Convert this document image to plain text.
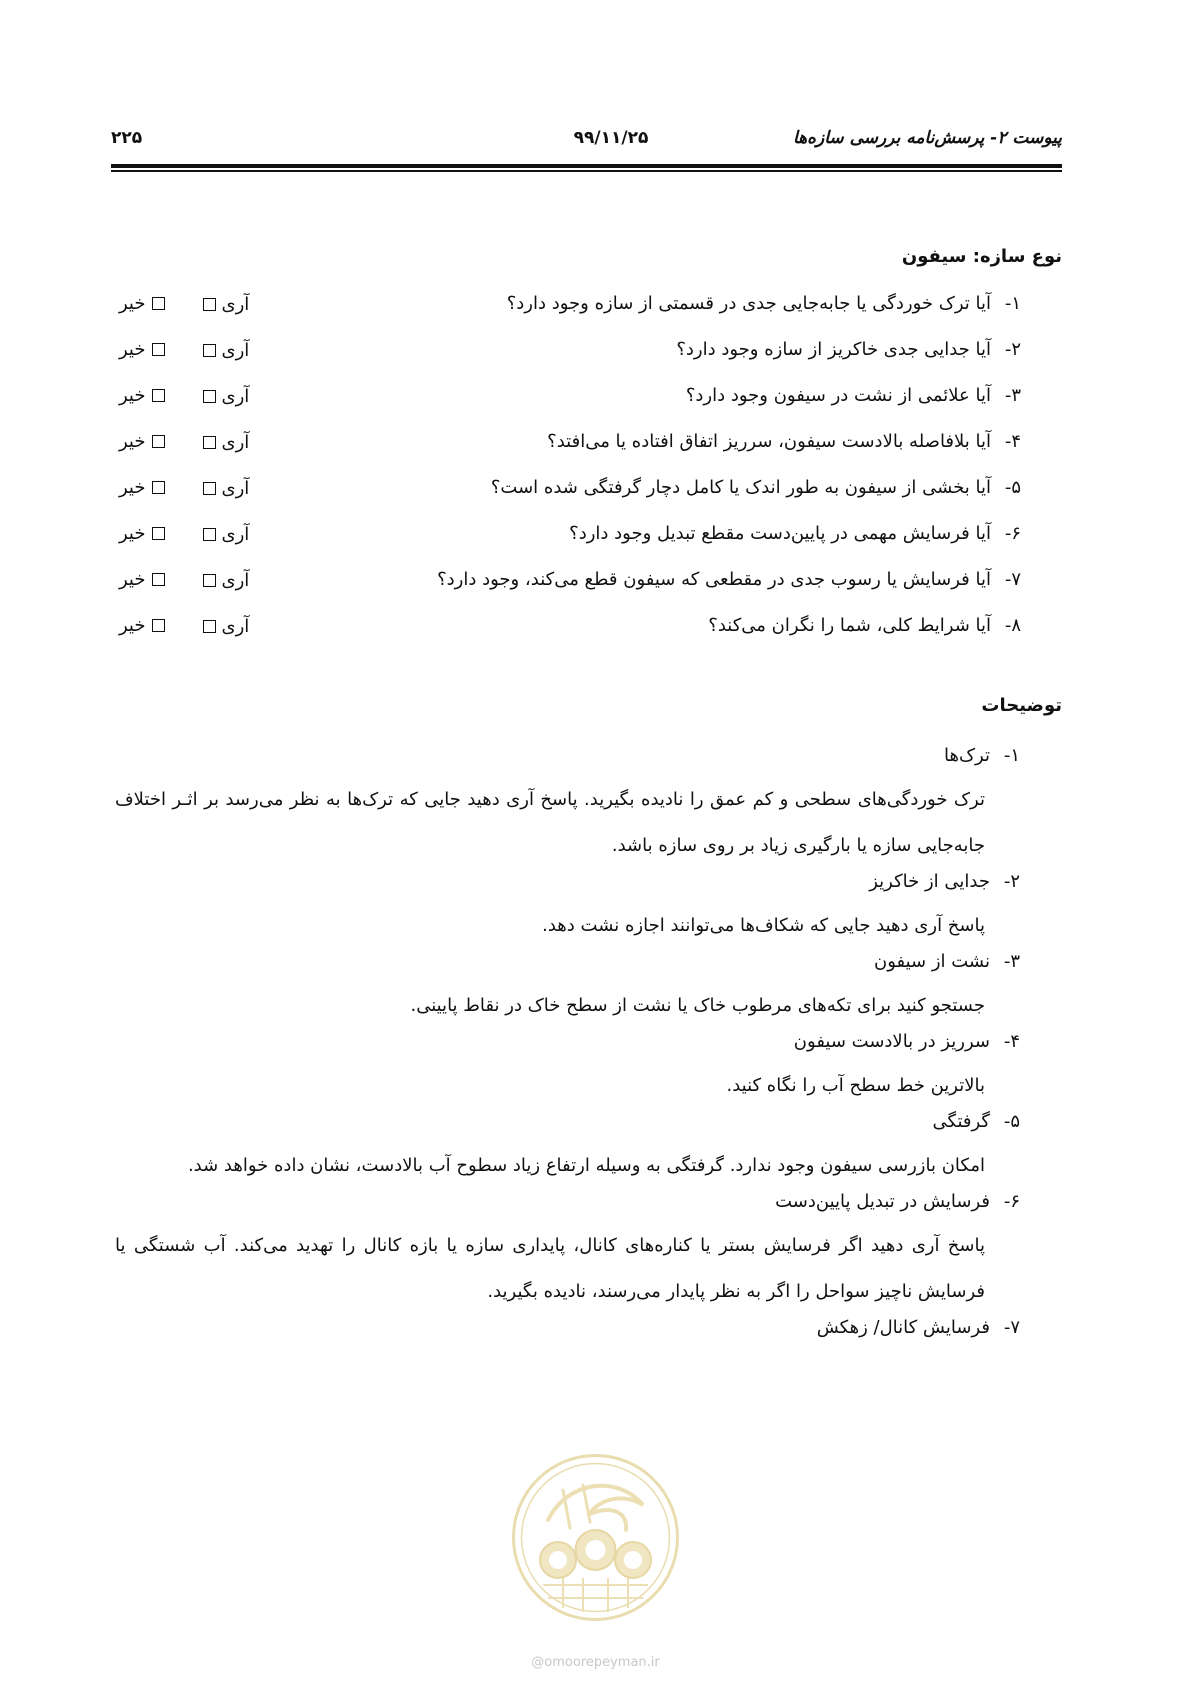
پیوست ۲- پرسش‌نامه بررسی سازه‌ها
۹۹/۱۱/۲۵
۲۲۵
نوع سازه: سیفون
۱-آیا ترک خوردگی یا جابه‌جایی جدی در قسمتی از سازه وجود دارد؟
آری
خیر
۲-آیا جدایی جدی خاکریز از سازه وجود دارد؟
آری
خیر
۳-آیا علائمی از نشت در سیفون وجود دارد؟
آری
خیر
۴-آیا بلافاصله بالادست سیفون، سرریز اتفاق افتاده یا می‌افتد؟
آری
خیر
۵-آیا بخشی از سیفون به طور اندک یا کامل دچار گرفتگی شده است؟
آری
خیر
۶-آیا فرسایش مهمی در پایین‌دست مقطع تبدیل وجود دارد؟
آری
خیر
۷-آیا فرسایش یا رسوب جدی در مقطعی که سیفون قطع می‌کند، وجود دارد؟
آری
خیر
۸-آیا شرایط کلی، شما را نگران می‌کند؟
آری
خیر
توضیحات
۱-ترک‌ها
ترک خوردگی‌های سطحی و کم عمق را نادیده بگیرید. پاسخ آری دهید جایی که ترک‌ها به نظر می‌رسد بر اثـر اختلاف جابه‌جایی سازه یا بارگیری زیاد بر روی سازه باشد.
۲-جدایی از خاکریز
پاسخ آری دهید جایی که شکاف‌ها می‌توانند اجازه نشت دهد.
۳-نشت از سیفون
جستجو کنید برای تکه‌های مرطوب خاک یا نشت از سطح خاک در نقاط پایینی.
۴-سرریز در بالادست سیفون
بالاترین خط سطح آب را نگاه کنید.
۵-گرفتگی
امکان بازرسی سیفون وجود ندارد. گرفتگی به وسیله ارتفاع زیاد سطوح آب بالادست، نشان داده خواهد شد.
۶-فرسایش در تبدیل پایین‌دست
پاسخ آری دهید اگر فرسایش بستر یا کناره‌های کانال، پایداری سازه یا بازه کانال را تهدید می‌کند. آب شستگی یا فرسایش ناچیز سواحل را اگر به نظر پایدار می‌رسند، نادیده بگیرید.
۷-فرسایش کانال/ زهکش
@omoorepeyman.ir
